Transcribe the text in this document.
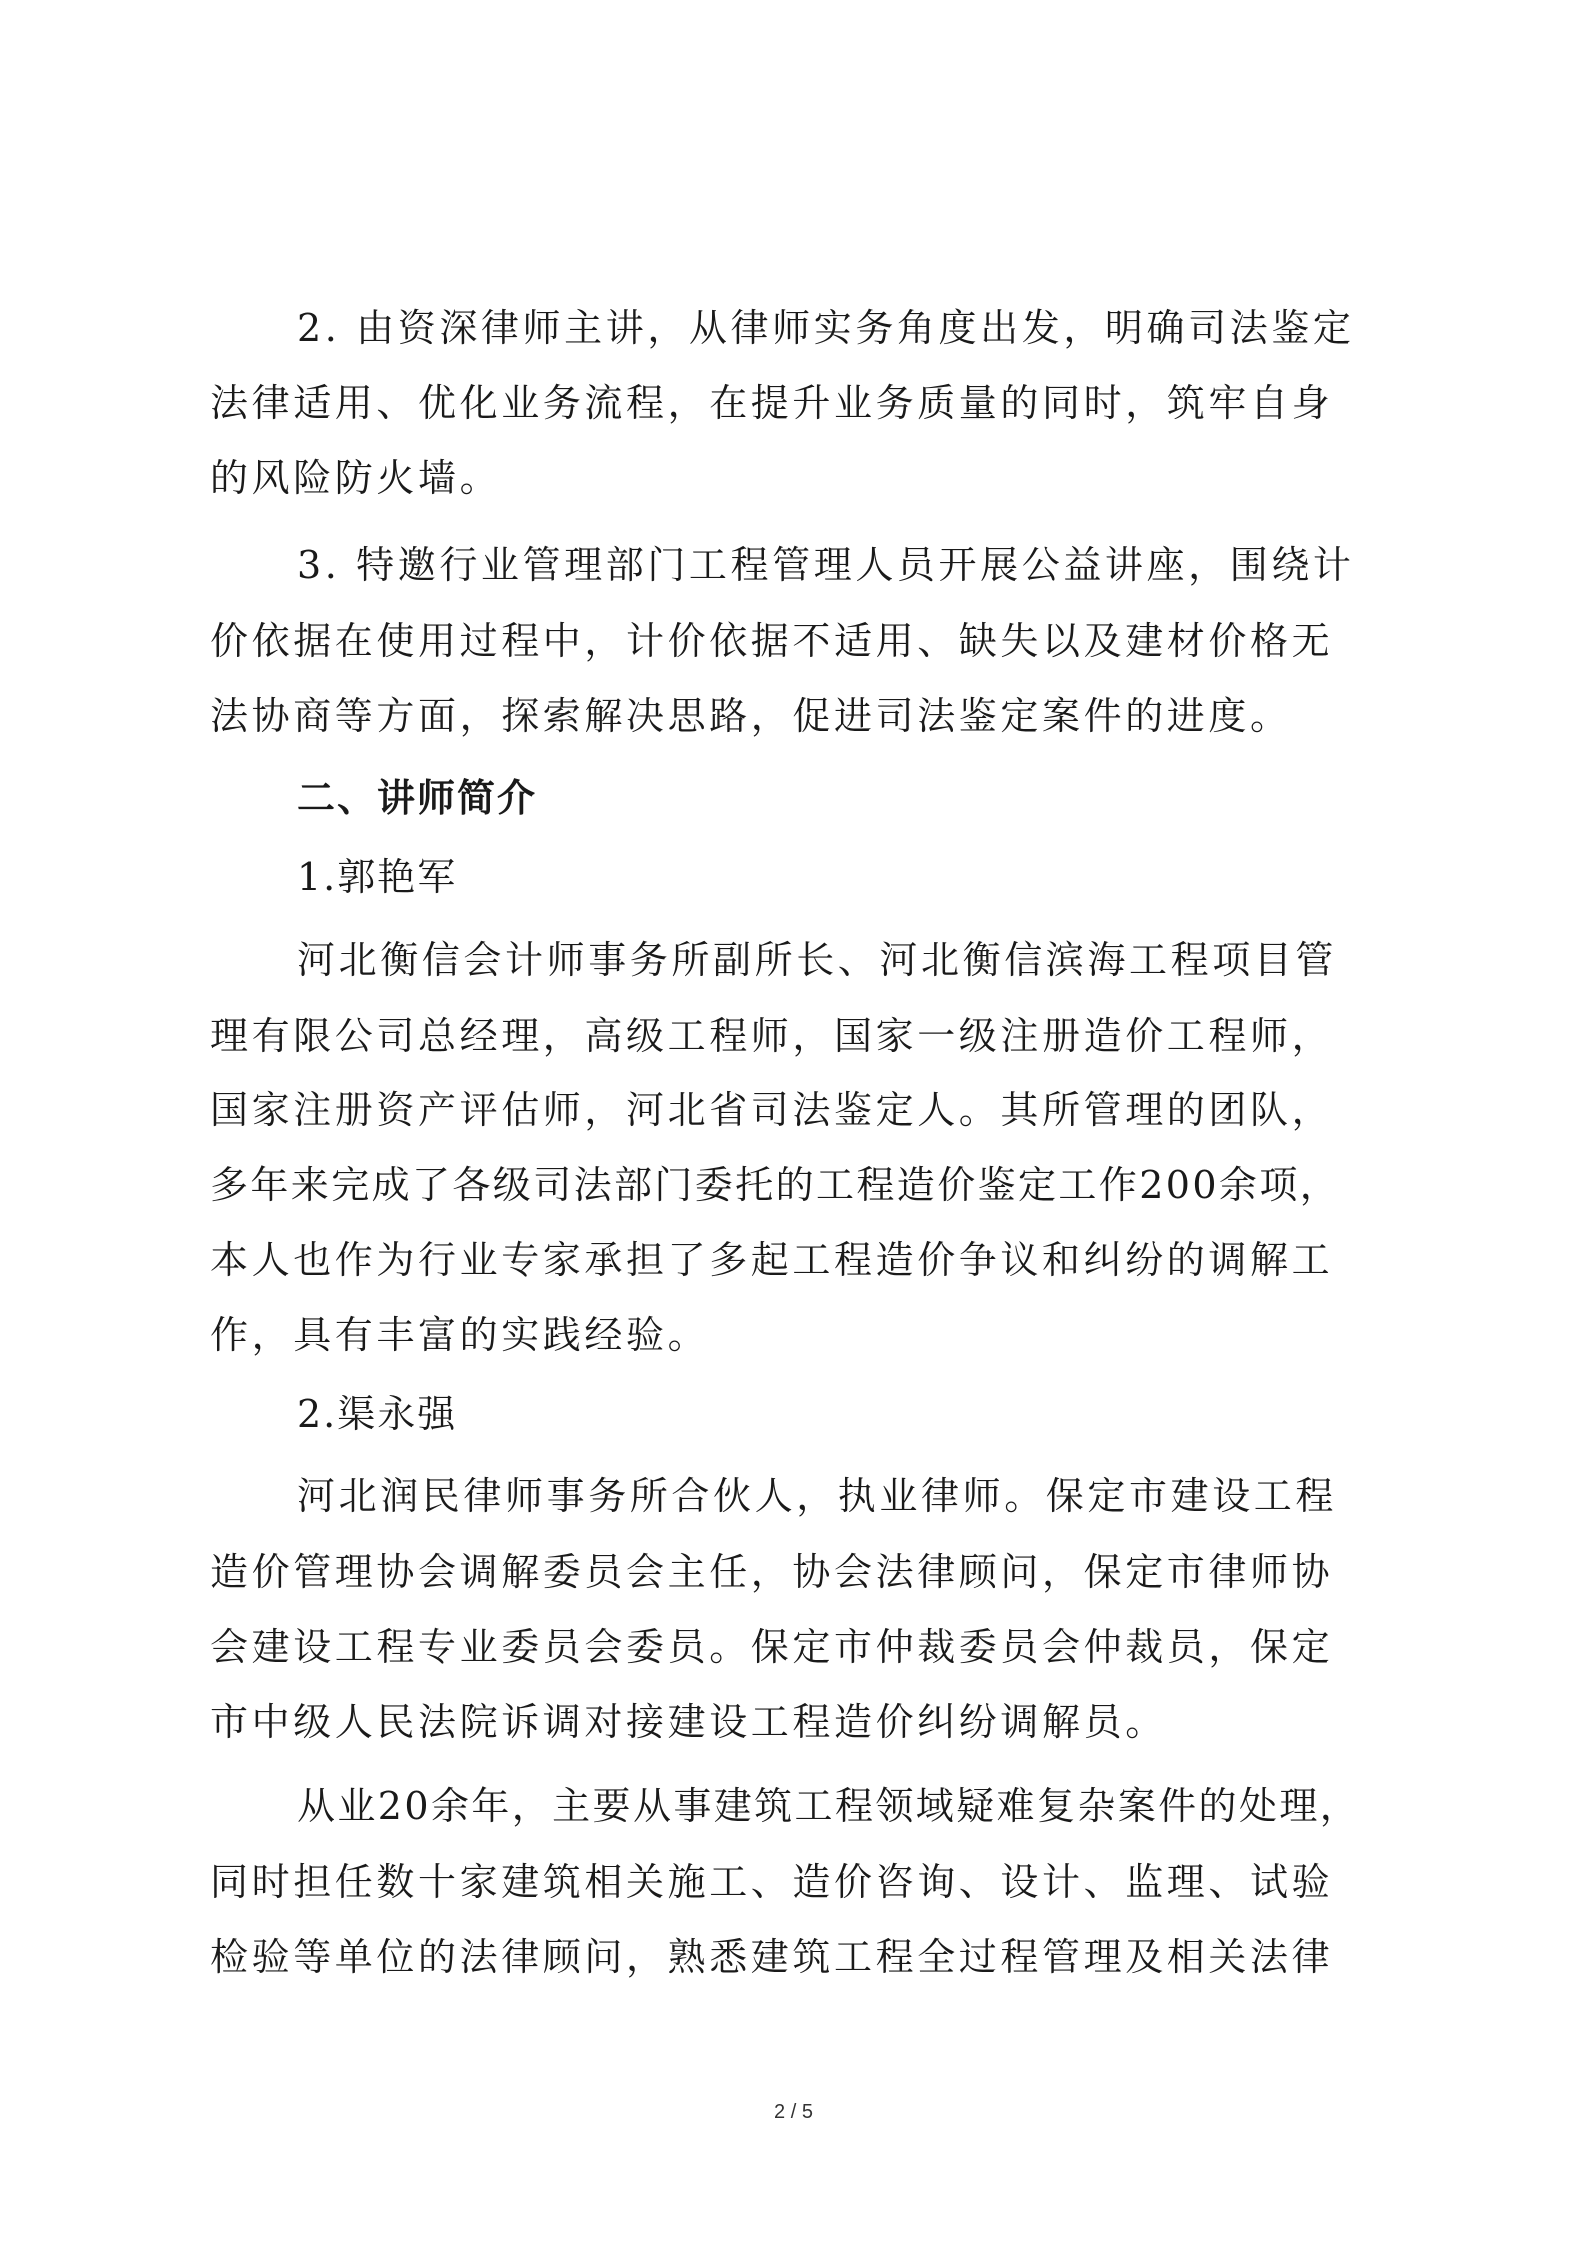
2. 由资深律师主讲，从律师实务角度出发，明确司法鉴定
法律适用、优化业务流程，在提升业务质量的同时，筑牢自身
的风险防火墙。
3. 特邀行业管理部门工程管理人员开展公益讲座，围绕计
价依据在使用过程中，计价依据不适用、缺失以及建材价格无
法协商等方面，探索解决思路，促进司法鉴定案件的进度。
二、讲师简介
1.郭艳军
河北衡信会计师事务所副所长、河北衡信滨海工程项目管
理有限公司总经理，高级工程师，国家一级注册造价工程师，
国家注册资产评估师，河北省司法鉴定人。其所管理的团队，
多年来完成了各级司法部门委托的工程造价鉴定工作200余项，
本人也作为行业专家承担了多起工程造价争议和纠纷的调解工
作，具有丰富的实践经验。
2.渠永强
河北润民律师事务所合伙人，执业律师。保定市建设工程
造价管理协会调解委员会主任，协会法律顾问，保定市律师协
会建设工程专业委员会委员。保定市仲裁委员会仲裁员，保定
市中级人民法院诉调对接建设工程造价纠纷调解员。
从业20余年，主要从事建筑工程领域疑难复杂案件的处理，
同时担任数十家建筑相关施工、造价咨询、设计、监理、试验
检验等单位的法律顾问，熟悉建筑工程全过程管理及相关法律
2 / 5
